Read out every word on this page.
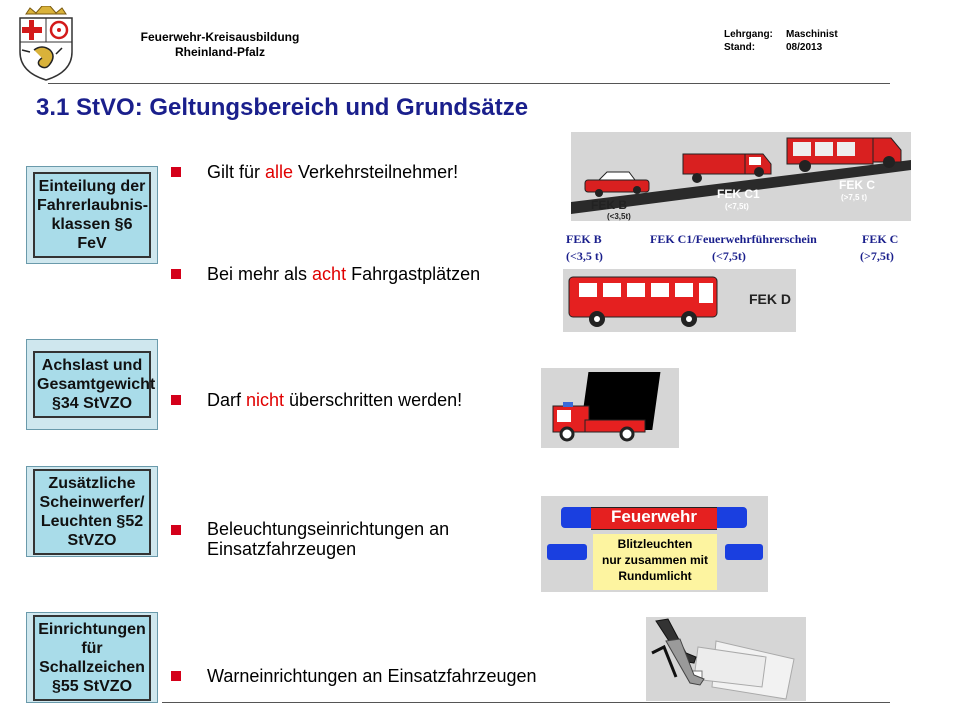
Feuerwehr-Kreisausbildung
Rheinland-Pfalz
Lehrgang: Maschinist
Stand:	08/2013
3.1 StVO: Geltungsbereich und Grundsätze
Einteilung der Fahrerlaubnis-klassen §6 FeV
Achslast und Gesamtgewicht §34 StVZO
Zusätzliche Scheinwerfer/ Leuchten §52 StVZO
Einrichtungen für Schallzeichen §55 StVZO
Gilt für alle Verkehrsteilnehmer!
Bei mehr als acht Fahrgastplätzen
Darf nicht überschritten werden!
Beleuchtungseinrichtungen an
Einsatzfahrzeugen
Warneinrichtungen an Einsatzfahrzeugen
FEK B
(<3,5t)
FEK C1
(<7,5t)
FEK C
(>7,5 t)
FEK B
(<3,5 t)
FEK C1/Feuerwehrführerschein
(<7,5t)
FEK C
(>7,5t)
FEK D
Feuerwehr
Blitzleuchten
nur zusammen mit
Rundumlicht
